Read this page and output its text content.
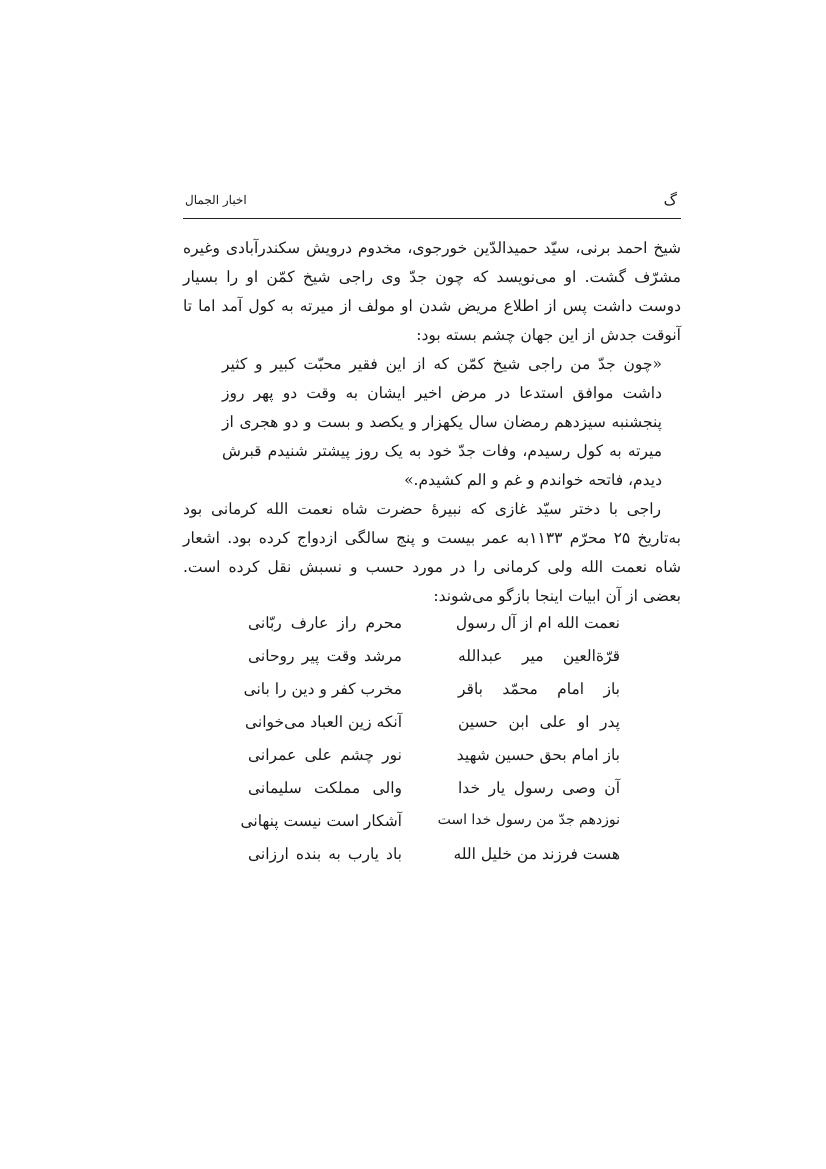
گ
اخبار الجمال
شیخ احمد برنی، سیّد حمیدالدّین خورجوی، مخدوم درویش سکندرآبادی وغیره مشرّف گشت. او می‌نویسد که چون جدّ وی راجی شیخ کمّن او را بسیار دوست داشت پس از اطلاع مریض شدن او مولف از میرته به کول آمد اما تا آنوقت جدش از این جهان چشم بسته بود:
«چون جدّ من راجی شیخ کمّن که از این فقیر محبّت کبیر و کثیر داشت موافق استدعا در مرض اخیر ایشان به وقت دو پهر روز پنجشنبه سیزدهم رمضان سال یکهزار و یکصد و بست و دو هجری از میرته به کول رسیدم، وفات جدّ خود به یک روز پیشتر شنیدم قبرش دیدم، فاتحه خواندم و غم و الم کشیدم.»
راجی با دختر سیّد غازی که نبیرهٔ حضرت شاه نعمت الله کرمانی بود به‌تاریخ ۲۵ محرّم ۱۱۳۳به عمر بیست و پنج سالگی ازدواج کرده بود. اشعار شاه نعمت الله ولی کرمانی را در مورد حسب و نسبش نقل کرده است. بعضی از آن ابیات اینجا بازگو می‌شوند:
نعمت الله ام از آل رسول
محرم راز عارف ربّانی
قرّةالعین میر عبدالله
مرشد وقت پیر روحانی
باز امام محمّد باقر
مخرب کفر و دین را بانی
پدر او علی ابن حسین
آنکه زین العباد می‌خوانی
باز امام بحق حسین شهید
نور چشم علی عمرانی
آن وصی رسول یار خدا
والی مملکت سلیمانی
نوزدهم جدّ من رسول خدا است
آشکار است نیست پنهانی
هست فرزند من خلیل الله
باد یارب به بنده ارزانی
